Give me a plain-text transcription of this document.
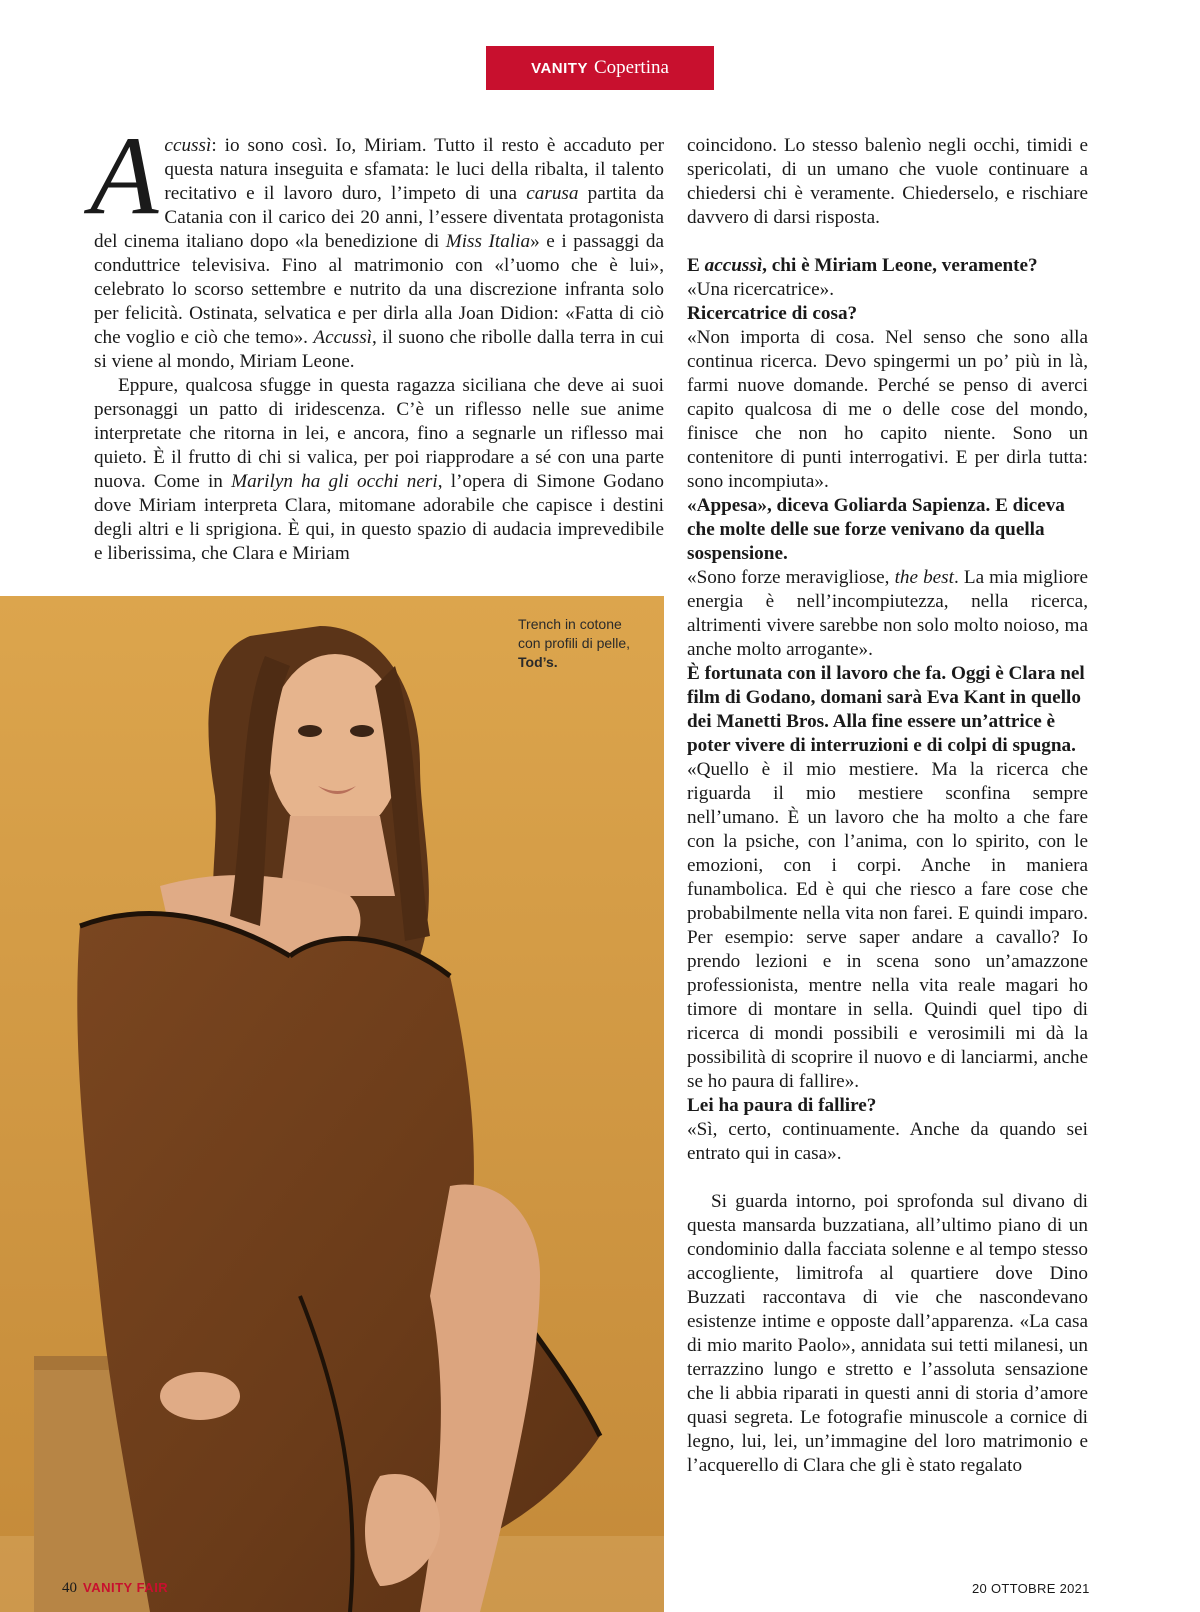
VANITY Copertina

Accussì: io sono così. Io, Miriam. Tutto il resto è accaduto per questa natura inseguita e sfamata: le luci della ribalta, il talento recitativo e il lavoro duro, l’impeto di una carusa partita da Catania con il carico dei 20 anni, l’essere diventata protagonista del cinema italiano dopo «la benedizione di Miss Italia» e i passaggi da conduttrice televisiva. Fino al matrimonio con «l’uomo che è lui», celebrato lo scorso settembre e nutrito da una discrezione infranta solo per felicità. Ostinata, selvatica e per dirla alla Joan Didion: «Fatta di ciò che voglio e ciò che temo». Accussì, il suono che ribolle dalla terra in cui si viene al mondo, Miriam Leone.

Eppure, qualcosa sfugge in questa ragazza siciliana che deve ai suoi personaggi un patto di iridescenza. C’è un riflesso nelle sue anime interpretate che ritorna in lei, e ancora, fino a segnarle un riflesso mai quieto. È il frutto di chi si valica, per poi riapprodare a sé con una parte nuova. Come in Marilyn ha gli occhi neri, l’opera di Simone Godano dove Miriam interpreta Clara, mitomane adorabile che capisce i destini degli altri e li sprigiona. È qui, in questo spazio di audacia imprevedibile e liberissima, che Clara e Miriam

Trench in cotone
con profili di pelle,
Tod’s.

coincidono. Lo stesso balenìo negli occhi, timidi e spericolati, di un umano che vuole continuare a chiedersi chi è veramente. Chiederselo, e rischiare davvero di darsi risposta.

E accussì, chi è Miriam Leone, veramente?

«Una ricercatrice».

Ricercatrice di cosa?

«Non importa di cosa. Nel senso che sono alla continua ricerca. Devo spingermi un po’ più in là, farmi nuove domande. Perché se penso di averci capito qualcosa di me o delle cose del mondo, finisce che non ho capito niente. Sono un contenitore di punti interrogativi. E per dirla tutta: sono incompiuta».

«Appesa», diceva Goliarda Sapienza. E diceva che molte delle sue forze venivano da quella sospensione.

«Sono forze meravigliose, the best. La mia migliore energia è nell’incompiutezza, nella ricerca, altrimenti vivere sarebbe non solo molto noioso, ma anche molto arrogante».

È fortunata con il lavoro che fa. Oggi è Clara nel film di Godano, domani sarà Eva Kant in quello dei Manetti Bros. Alla fine essere un’attrice è poter vivere di interruzioni e di colpi di spugna.

«Quello è il mio mestiere. Ma la ricerca che riguarda il mio mestiere sconfina sempre nell’umano. È un lavoro che ha molto a che fare con la psiche, con l’anima, con lo spirito, con le emozioni, con i corpi. Anche in maniera funambolica. Ed è qui che riesco a fare cose che probabilmente nella vita non farei. E quindi imparo. Per esempio: serve saper andare a cavallo? Io prendo lezioni e in scena sono un’amazzone professionista, mentre nella vita reale magari ho timore di montare in sella. Quindi quel tipo di ricerca di mondi possibili e verosimili mi dà la possibilità di scoprire il nuovo e di lanciarmi, anche se ho paura di fallire».

Lei ha paura di fallire?

«Sì, certo, continuamente. Anche da quando sei entrato qui in casa».

Si guarda intorno, poi sprofonda sul divano di questa mansarda buzzatiana, all’ultimo piano di un condominio dalla facciata solenne e al tempo stesso accogliente, limitrofa al quartiere dove Dino Buzzati raccontava di vie che nascondevano esistenze intime e opposte dall’apparenza. «La casa di mio marito Paolo», annidata sui tetti milanesi, un terrazzino lungo e stretto e l’assoluta sensazione che li abbia riparati in questi anni di storia d’amore quasi segreta. Le fotografie minuscole a cornice di legno, lui, lei, un’immagine del loro matrimonio e l’acquerello di Clara che gli è stato regalato

40 VANITY FAIR	20 OTTOBRE 2021
